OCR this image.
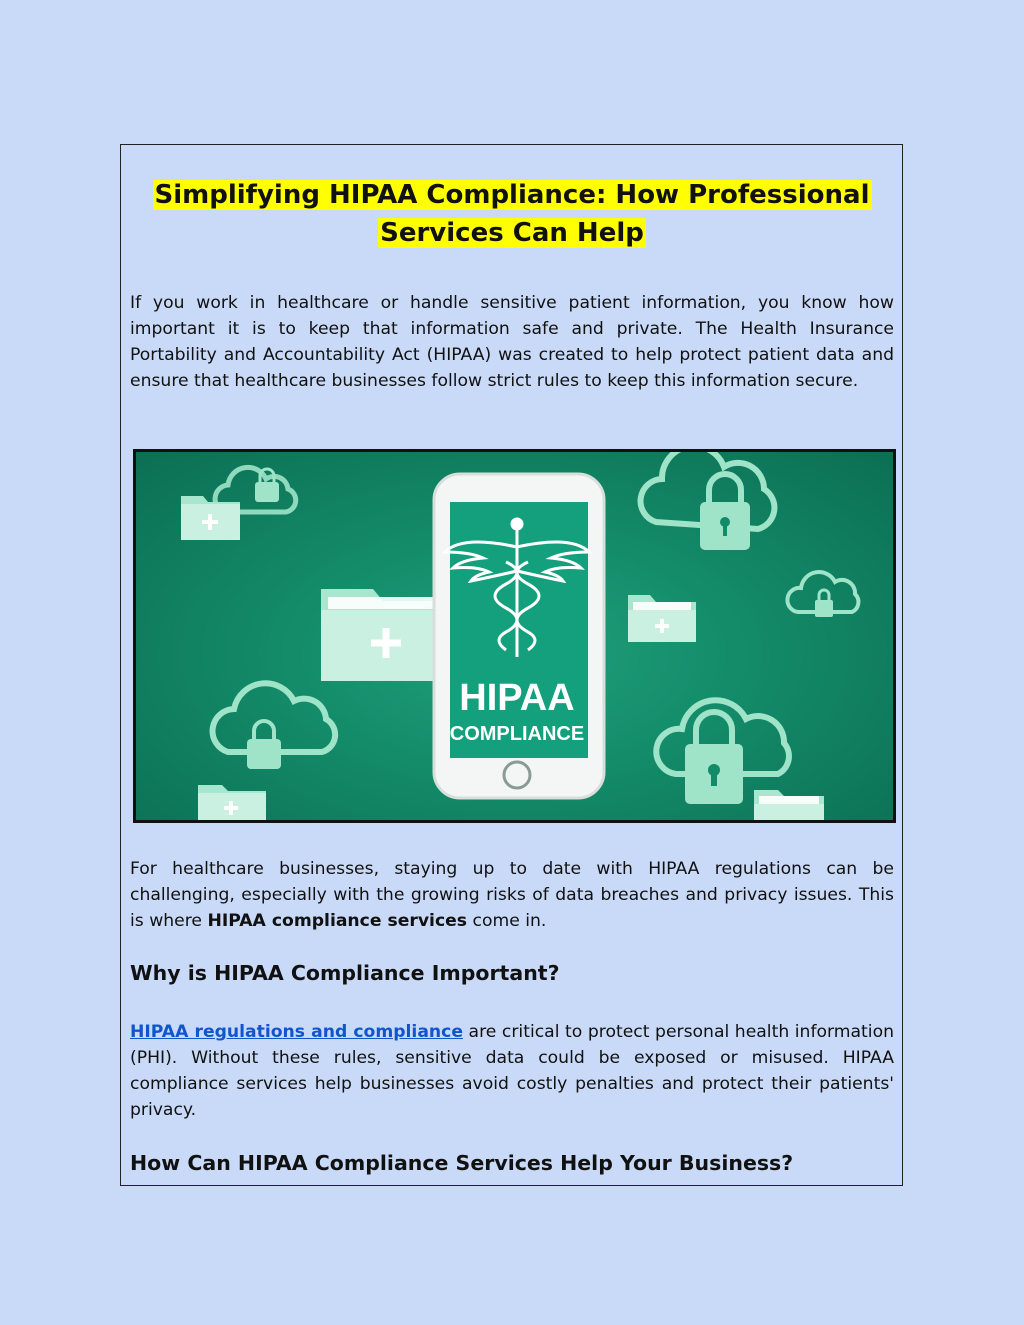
Simplifying HIPAA Compliance: How Professional
Services Can Help

If you work in healthcare or handle sensitive patient information, you know how important it is to keep that information safe and private. The Health Insurance Portability and Accountability Act (HIPAA) was created to help protect patient data and ensure that healthcare businesses follow strict rules to keep this information secure.

HIPAA
COMPLIANCE

For healthcare businesses, staying up to date with HIPAA regulations can be challenging, especially with the growing risks of data breaches and privacy issues. This is where HIPAA compliance services come in.

Why is HIPAA Compliance Important?

HIPAA regulations and compliance are critical to protect personal health information (PHI). Without these rules, sensitive data could be exposed or misused. HIPAA compliance services help businesses avoid costly penalties and protect their patients' privacy.

How Can HIPAA Compliance Services Help Your Business?
